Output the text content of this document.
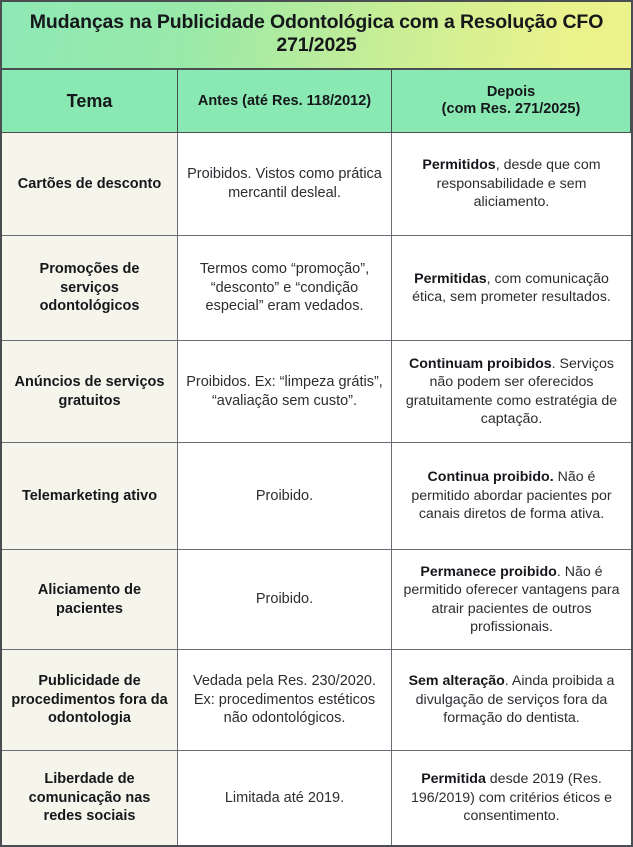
Mudanças na Publicidade Odontológica com a Resolução CFO 271/2025
Tema	Antes (até Res. 118/2012)

Depois

(com Res. 271/2025)

Cartões de desconto
Proibidos. Vistos como prática mercantil desleal.

Permitidos, desde que com responsabilidade e sem aliciamento.

Promoções de serviços odontológicos
Termos como “promoção”, “desconto” e “condição especial” eram vedados.

Permitidas, com comunicação ética, sem prometer resultados.

Anúncios de serviços gratuitos
Proibidos. Ex: “limpeza grátis”, “avaliação sem custo”.

Continuam proibidos. Serviços não podem ser oferecidos gratuitamente como estratégia de captação.

Telemarketing ativo	Proibido.

Continua proibido. Não é permitido abordar pacientes por canais diretos de forma ativa.

Aliciamento de pacientes
Proibido.

Permanece proibido. Não é permitido oferecer vantagens para atrair pacientes de outros profissionais.

Publicidade de procedimentos fora da odontologia
Vedada pela Res. 230/2020. Ex: procedimentos estéticos não odontológicos.

Sem alteração. Ainda proibida a divulgação de serviços fora da formação do dentista.

Liberdade de comunicação nas redes sociais
Limitada até 2019.

Permitida desde 2019 (Res. 196/2019) com critérios éticos e consentimento.
